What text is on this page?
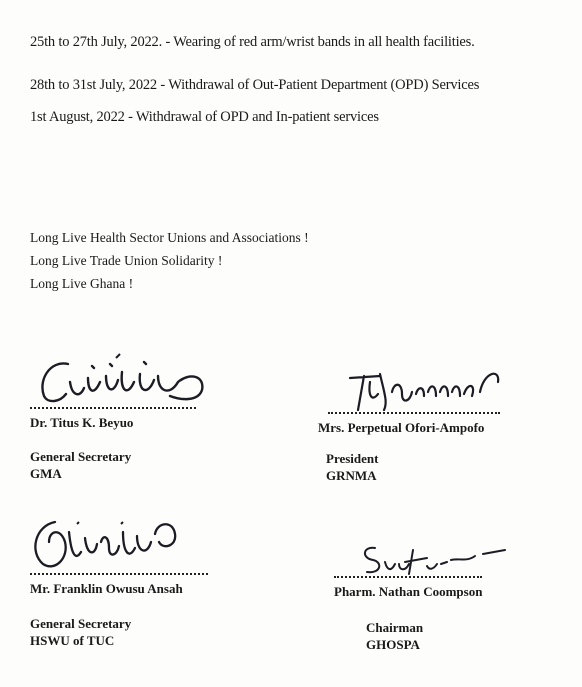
25th to 27th July, 2022. - Wearing of red arm/wrist bands in all health facilities.
28th to 31st July, 2022 - Withdrawal of Out-Patient Department (OPD) Services
1st August, 2022 - Withdrawal of OPD and In-patient services
Long Live Health Sector Unions and Associations !
Long Live Trade Union Solidarity !
Long Live Ghana !
Dr. Titus K. Beyuo
General Secretary
GMA
Mrs. Perpetual Ofori-Ampofo
President
GRNMA
Mr. Franklin Owusu Ansah
General Secretary
HSWU of TUC
Pharm. Nathan Coompson
Chairman
GHOSPA
